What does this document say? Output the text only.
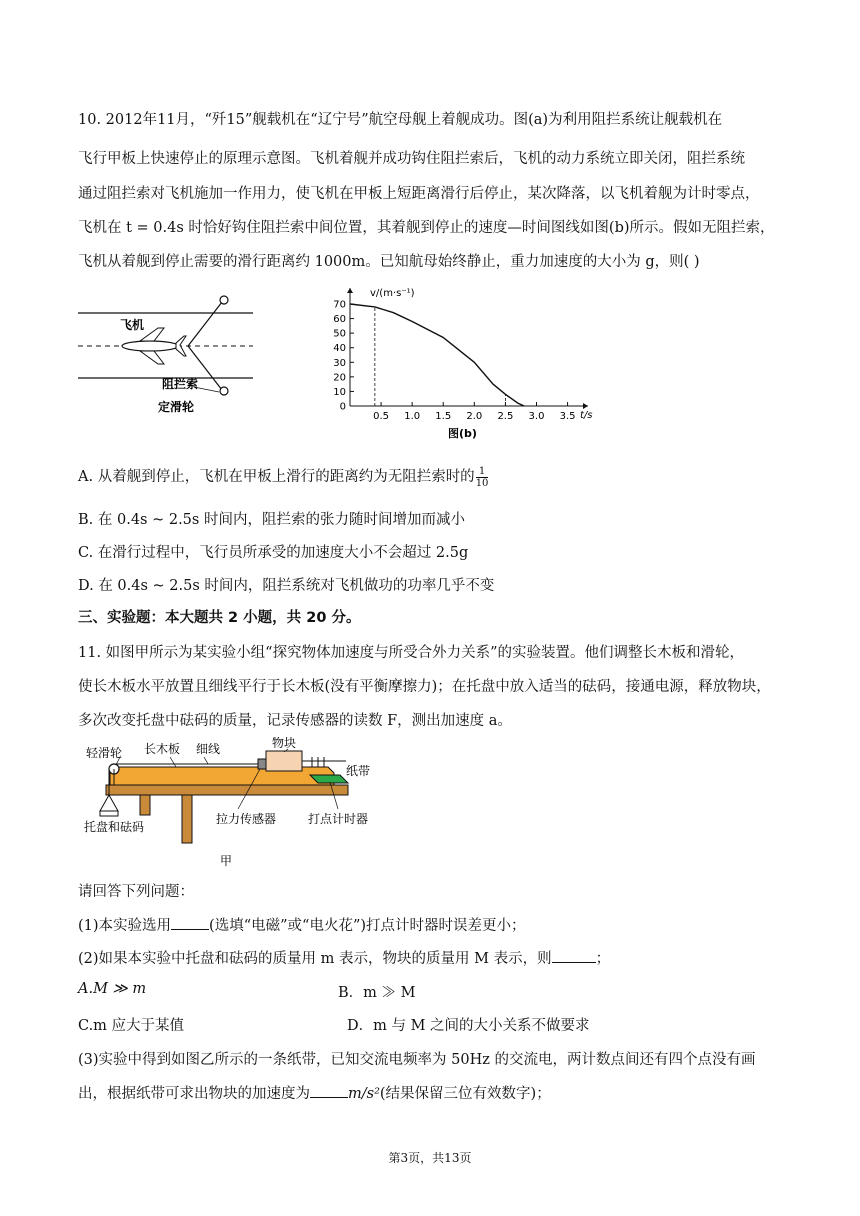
10. 2012年11月，“歼15”舰载机在“辽宁号”航空母舰上着舰成功。图(a)为利用阻拦系统让舰载机在
飞行甲板上快速停止的原理示意图。飞机着舰并成功钩住阻拦索后，飞机的动力系统立即关闭，阻拦系统
通过阻拦索对飞机施加一作用力，使飞机在甲板上短距离滑行后停止，某次降落，以飞机着舰为计时零点，
飞机在 t = 0.4s 时恰好钩住阻拦索中间位置，其着舰到停止的速度—时间图线如图(b)所示。假如无阻拦索，
飞机从着舰到停止需要的滑行距离约 1000m。已知航母始终静止，重力加速度的大小为 g，则( )
飞机
阻拦索
定滑轮	0
10
20
30
40
50
60
70
0.5 1.0 1.5 2.0 2.5 3.0 3.5
v/(m·s⁻¹)
t/s
图(b)
A. 从着舰到停止，飞机在甲板上滑行的距离约为无阻拦索时的 $\frac{1}{10}$
B. 在 0.4s ~ 2.5s 时间内，阻拦索的张力随时间增加而减小
C. 在滑行过程中，飞行员所承受的加速度大小不会超过 2.5g
D. 在 0.4s ~ 2.5s 时间内，阻拦系统对飞机做功的功率几乎不变
三、实验题：本大题共 2 小题，共 20 分。
11. 如图甲所示为某实验小组“探究物体加速度与所受合外力关系”的实验装置。他们调整长木板和滑轮，
使长木板水平放置且细线平行于长木板(没有平衡摩擦力)；在托盘中放入适当的砝码，接通电源，释放物块，
多次改变托盘中砝码的质量，记录传感器的读数 F，测出加速度 a。
轻滑轮 长木板 细线	物块
纸带
托盘和砝码
拉力传感器	打点计时器
甲
请回答下列问题：
(1)本实验选用	(选填“电磁”或“电火花”)打点计时器时误差更小；
(2)如果本实验中托盘和砝码的质量用 m 表示，物块的质量用 M 表示，则	；
A.M ≫ m	B．m ≫ M
C.m 应大于某值	D．m 与 M 之间的大小关系不做要求
(3)实验中得到如图乙所示的一条纸带，已知交流电频率为 50Hz 的交流电，两计数点间还有四个点没有画
出，根据纸带可求出物块的加速度为	m/s²(结果保留三位有效数字)；
第3页，共13页
